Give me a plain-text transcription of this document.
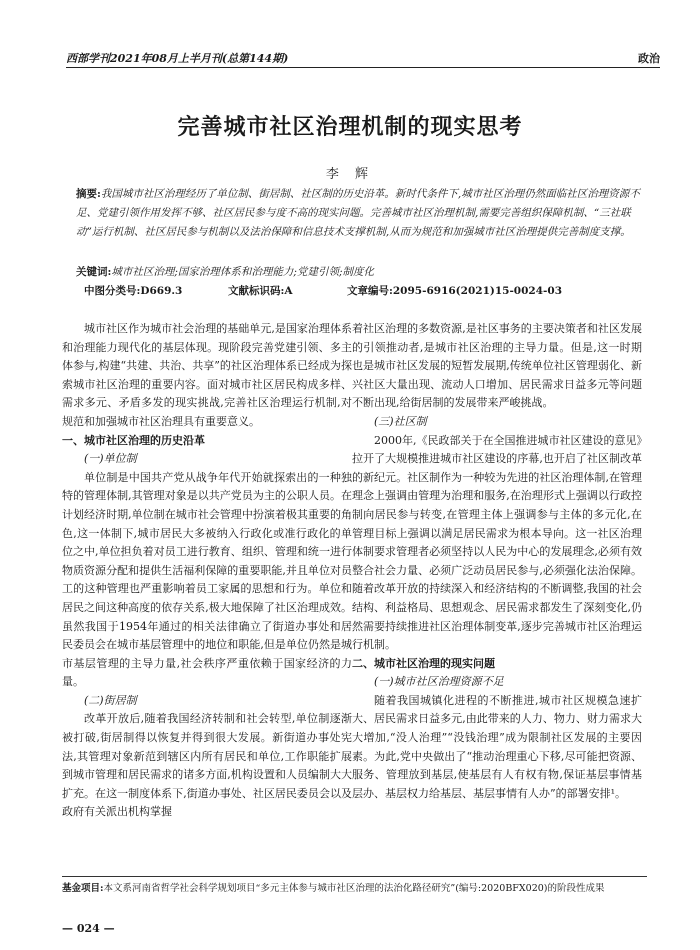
西部学刊2021年08月上半月刊(总第144期)	政治
完善城市社区治理机制的现实思考
李 辉
摘要:我国城市社区治理经历了单位制、街居制、社区制的历史沿革。新时代条件下,城市社区治理仍然面临社区治理资源不足、党建引领作用发挥不够、社区居民参与度不高的现实问题。完善城市社区治理机制,需要完善组织保障机制、“三社联动”运行机制、社区居民参与机制以及法治保障和信息技术支撑机制,从而为规范和加强城市社区治理提供完善制度支撑。
关键词:城市社区治理;国家治理体系和治理能力;党建引领;制度化
中图分类号:D669.3	文献标识码:A	文章编号:2095-6916(2021)15-0024-03

城市社区作为城市社会治理的基础单元,是国家治理体系和治理能力现代化的基层体现。现阶段完善党建引领、多主体参与,构建“共建、共治、共享”的社区治理体系已经成为探索城市社区治理的重要内容。面对城市社区居民构成多样、需求多元、矛盾多发的现实挑战,完善社区治理运行机制,对规范和加强城市社区治理具有重要意义。

一、城市社区治理的历史沿革

(一)单位制

单位制是中国共产党从战争年代开始就探索出的一种独特的管理体制,其管理对象是以共产党员为主的公职人员。在计划经济时期,单位制在城市社会管理中扮演着极其重要的角色,这一体制下,城市居民大多被纳入行政化或准行政化的单位之中,单位担负着对员工进行教育、组织、管理和统一进行物质资源分配和提供生活福利保障的重要职能,并且单位对员工的这种管理也严重影响着员工家属的思想和行为。单位和居民之间这种高度的依存关系,极大地保障了社区治理成效。虽然我国于1954年通过的相关法律确立了街道办事处和居民委员会在城市基层管理中的地位和职能,但是单位仍然是城市基层管理的主导力量,社会秩序严重依赖于国家经济的力量。

(二)街居制

改革开放后,随着我国经济转制和社会转型,单位制逐渐被打破,街居制得以恢复并得到很大发展。新街道办事处宪法,其管理对象新范到辖区内所有居民和单位,工作职能扩展到城市管理和居民需求的诸多方面,机构设置和人员编制大大扩充。在这一制度体系下,街道办事处、社区居民委员会以及政府有关派出机构掌握

着社区治理的多数资源,是社区事务的主要决策者和社区发展的引领推动者,是城市社区治理的主导力量。但是,这一时期也是城市社区发展的短暂发展期,传统单位社区管理弱化、新兴社区大量出现、流动人口增加、居民需求日益多元等问题不断出现,给街居制的发展带来严峻挑战。

(三)社区制

2000年,《民政部关于在全国推进城市社区建设的意见》拉开了大规模推进城市社区建设的序幕,也开启了社区制改革的新纪元。社区制作为一种较为先进的社区治理体制,在管理理念上强调由管理为治理和服务,在治理形式上强调以行政控制向居民参与转变,在管理主体上强调参与主体的多元化,在管理目标上强调以满足居民需求为根本导向。这一社区治理体制要求管理者必须坚持以人民为中心的发展理念,必须有效整合社会力量、必须广泛动员居民参与,必须强化法治保障。随着改革开放的持续深入和经济结构的不断调整,我国的社会结构、利益格局、思想观念、居民需求都发生了深刻变化,仍然需要持续推进社区治理体制变革,逐步完善城市社区治理运行机制。

二、城市社区治理的现实问题

(一)城市社区治理资源不足

随着我国城镇化进程的不断推进,城市社区规模急速扩大、居民需求日益多元,由此带来的人力、物力、财力需求大大增加,“没人治理”“没钱治理”成为限制社区发展的主要因素。为此,党中央做出了“推动治理重心下移,尽可能把资源、服务、管理放到基层,使基层有人有权有物,保证基层事情基层办、基层权力给基层、基层事情有人办”的部署安排¹。

基金项目:本文系河南省哲学社会科学规划项目“多元主体参与城市社区治理的法治化路径研究”(编号:2020BFX020)的阶段性成果
— 024 —
